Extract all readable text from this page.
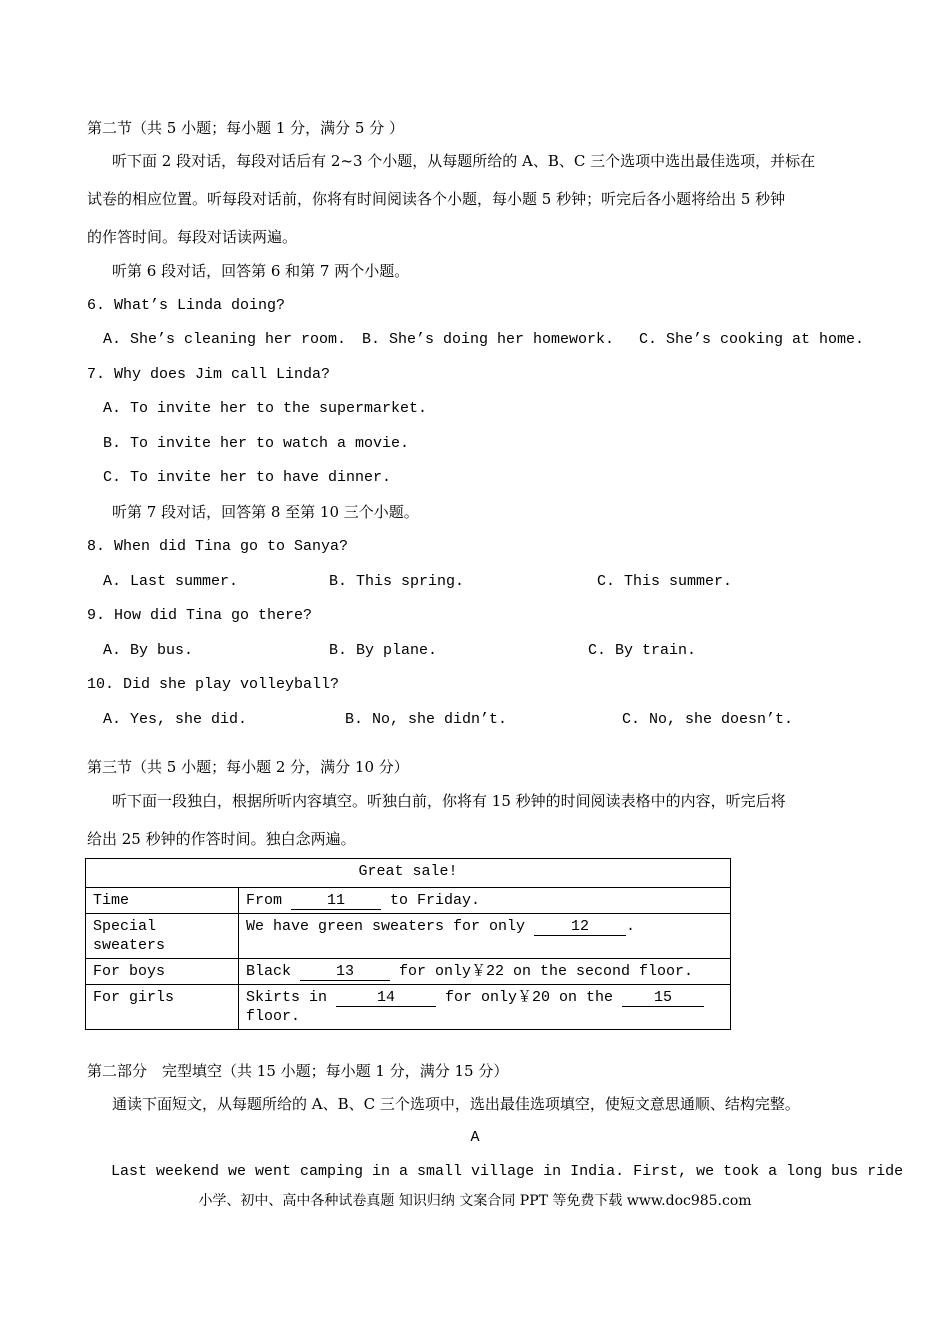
第二节（共 5 小题；每小题 1 分，满分 5 分 ）
听下面 2 段对话，每段对话后有 2~3 个小题，从每题所给的 A、B、C 三个选项中选出最佳选项，并标在
试卷的相应位置。听每段对话前，你将有时间阅读各个小题，每小题 5 秒钟；听完后各小题将给出 5 秒钟
的作答时间。每段对话读两遍。
听第 6 段对话，回答第 6 和第 7 两个小题。
6. What’s Linda doing?
A. She’s cleaning her room. B. She’s doing her homework. C. She’s cooking at home.
7. Why does Jim call Linda?
A. To invite her to the supermarket.
B. To invite her to watch a movie.
C. To invite her to have dinner.
听第 7 段对话，回答第 8 至第 10 三个小题。
8. When did Tina go to Sanya?
A. Last summer.	B. This spring.	C. This summer.
9. How did Tina go there?
A. By bus.	B. By plane.	C. By train.
10. Did she play volleyball?
A. Yes, she did.	B. No, she didn’t.	C. No, she doesn’t.
第三节（共 5 小题；每小题 2 分，满分 10 分）
听下面一段独白，根据所听内容填空。听独白前，你将有 15 秒钟的时间阅读表格中的内容，听完后将
给出 25 秒钟的作答时间。独白念两遍。
Great sale!	
Time	From 11 to Friday.
Special sweaters	We have green sweaters for only 12 .
For boys	Black 13 for only￥22 on the second floor.
For girls	Skirts in 14 for only￥20 on the 15
floor.
第二部分　完型填空（共 15 小题；每小题 1 分，满分 15 分）
通读下面短文，从每题所给的 A、B、C 三个选项中，选出最佳选项填空，使短文意思通顺、结构完整。
A
Last weekend we went camping in a small village in India. First, we took a long bus ride
小学、初中、高中各种试卷真题 知识归纳 文案合同 PPT 等免费下载 www.doc985.com
